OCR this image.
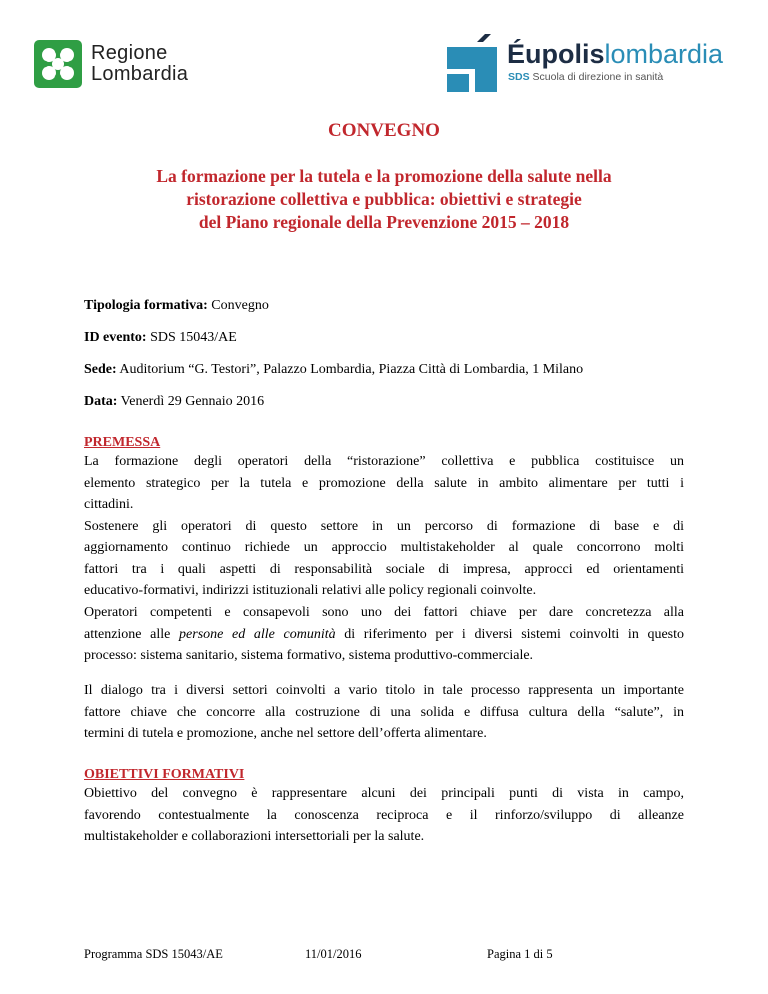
Regione
Lombardia
Éupolislombardia
SDS Scuola di direzione in sanità
CONVEGNO
La formazione per la tutela e la promozione della salute nella
ristorazione collettiva e pubblica: obiettivi e strategie
del Piano regionale della Prevenzione 2015 – 2018
Tipologia formativa: Convegno
ID evento: SDS 15043/AE
Sede: Auditorium “G. Testori”, Palazzo Lombardia, Piazza Città di Lombardia, 1 Milano
Data: Venerdì 29 Gennaio 2016
PREMESSA
La formazione degli operatori della “ristorazione” collettiva e pubblica costituisce un
elemento strategico per la tutela e promozione della salute in ambito alimentare per tutti i
cittadini.
Sostenere gli operatori di questo settore in un percorso di formazione di base e di
aggiornamento continuo richiede un approccio multistakeholder al quale concorrono molti
fattori tra i quali aspetti di responsabilità sociale di impresa, approcci ed orientamenti
educativo-formativi, indirizzi istituzionali relativi alle policy regionali coinvolte.
Operatori competenti e consapevoli sono uno dei fattori chiave per dare concretezza alla
attenzione alle persone ed alle comunità di riferimento per i diversi sistemi coinvolti in questo
processo: sistema sanitario, sistema formativo, sistema produttivo-commerciale.
Il dialogo tra i diversi settori coinvolti a vario titolo in tale processo rappresenta un importante
fattore chiave che concorre alla costruzione di una solida e diffusa cultura della “salute”, in
termini di tutela e promozione, anche nel settore dell’offerta alimentare.
OBIETTIVI FORMATIVI
Obiettivo del convegno è rappresentare alcuni dei principali punti di vista in campo,
favorendo contestualmente la conoscenza reciproca e il rinforzo/sviluppo di alleanze
multistakeholder e collaborazioni intersettoriali per la salute.
Programma SDS 15043/AE	11/01/2016	Pagina 1 di 5
